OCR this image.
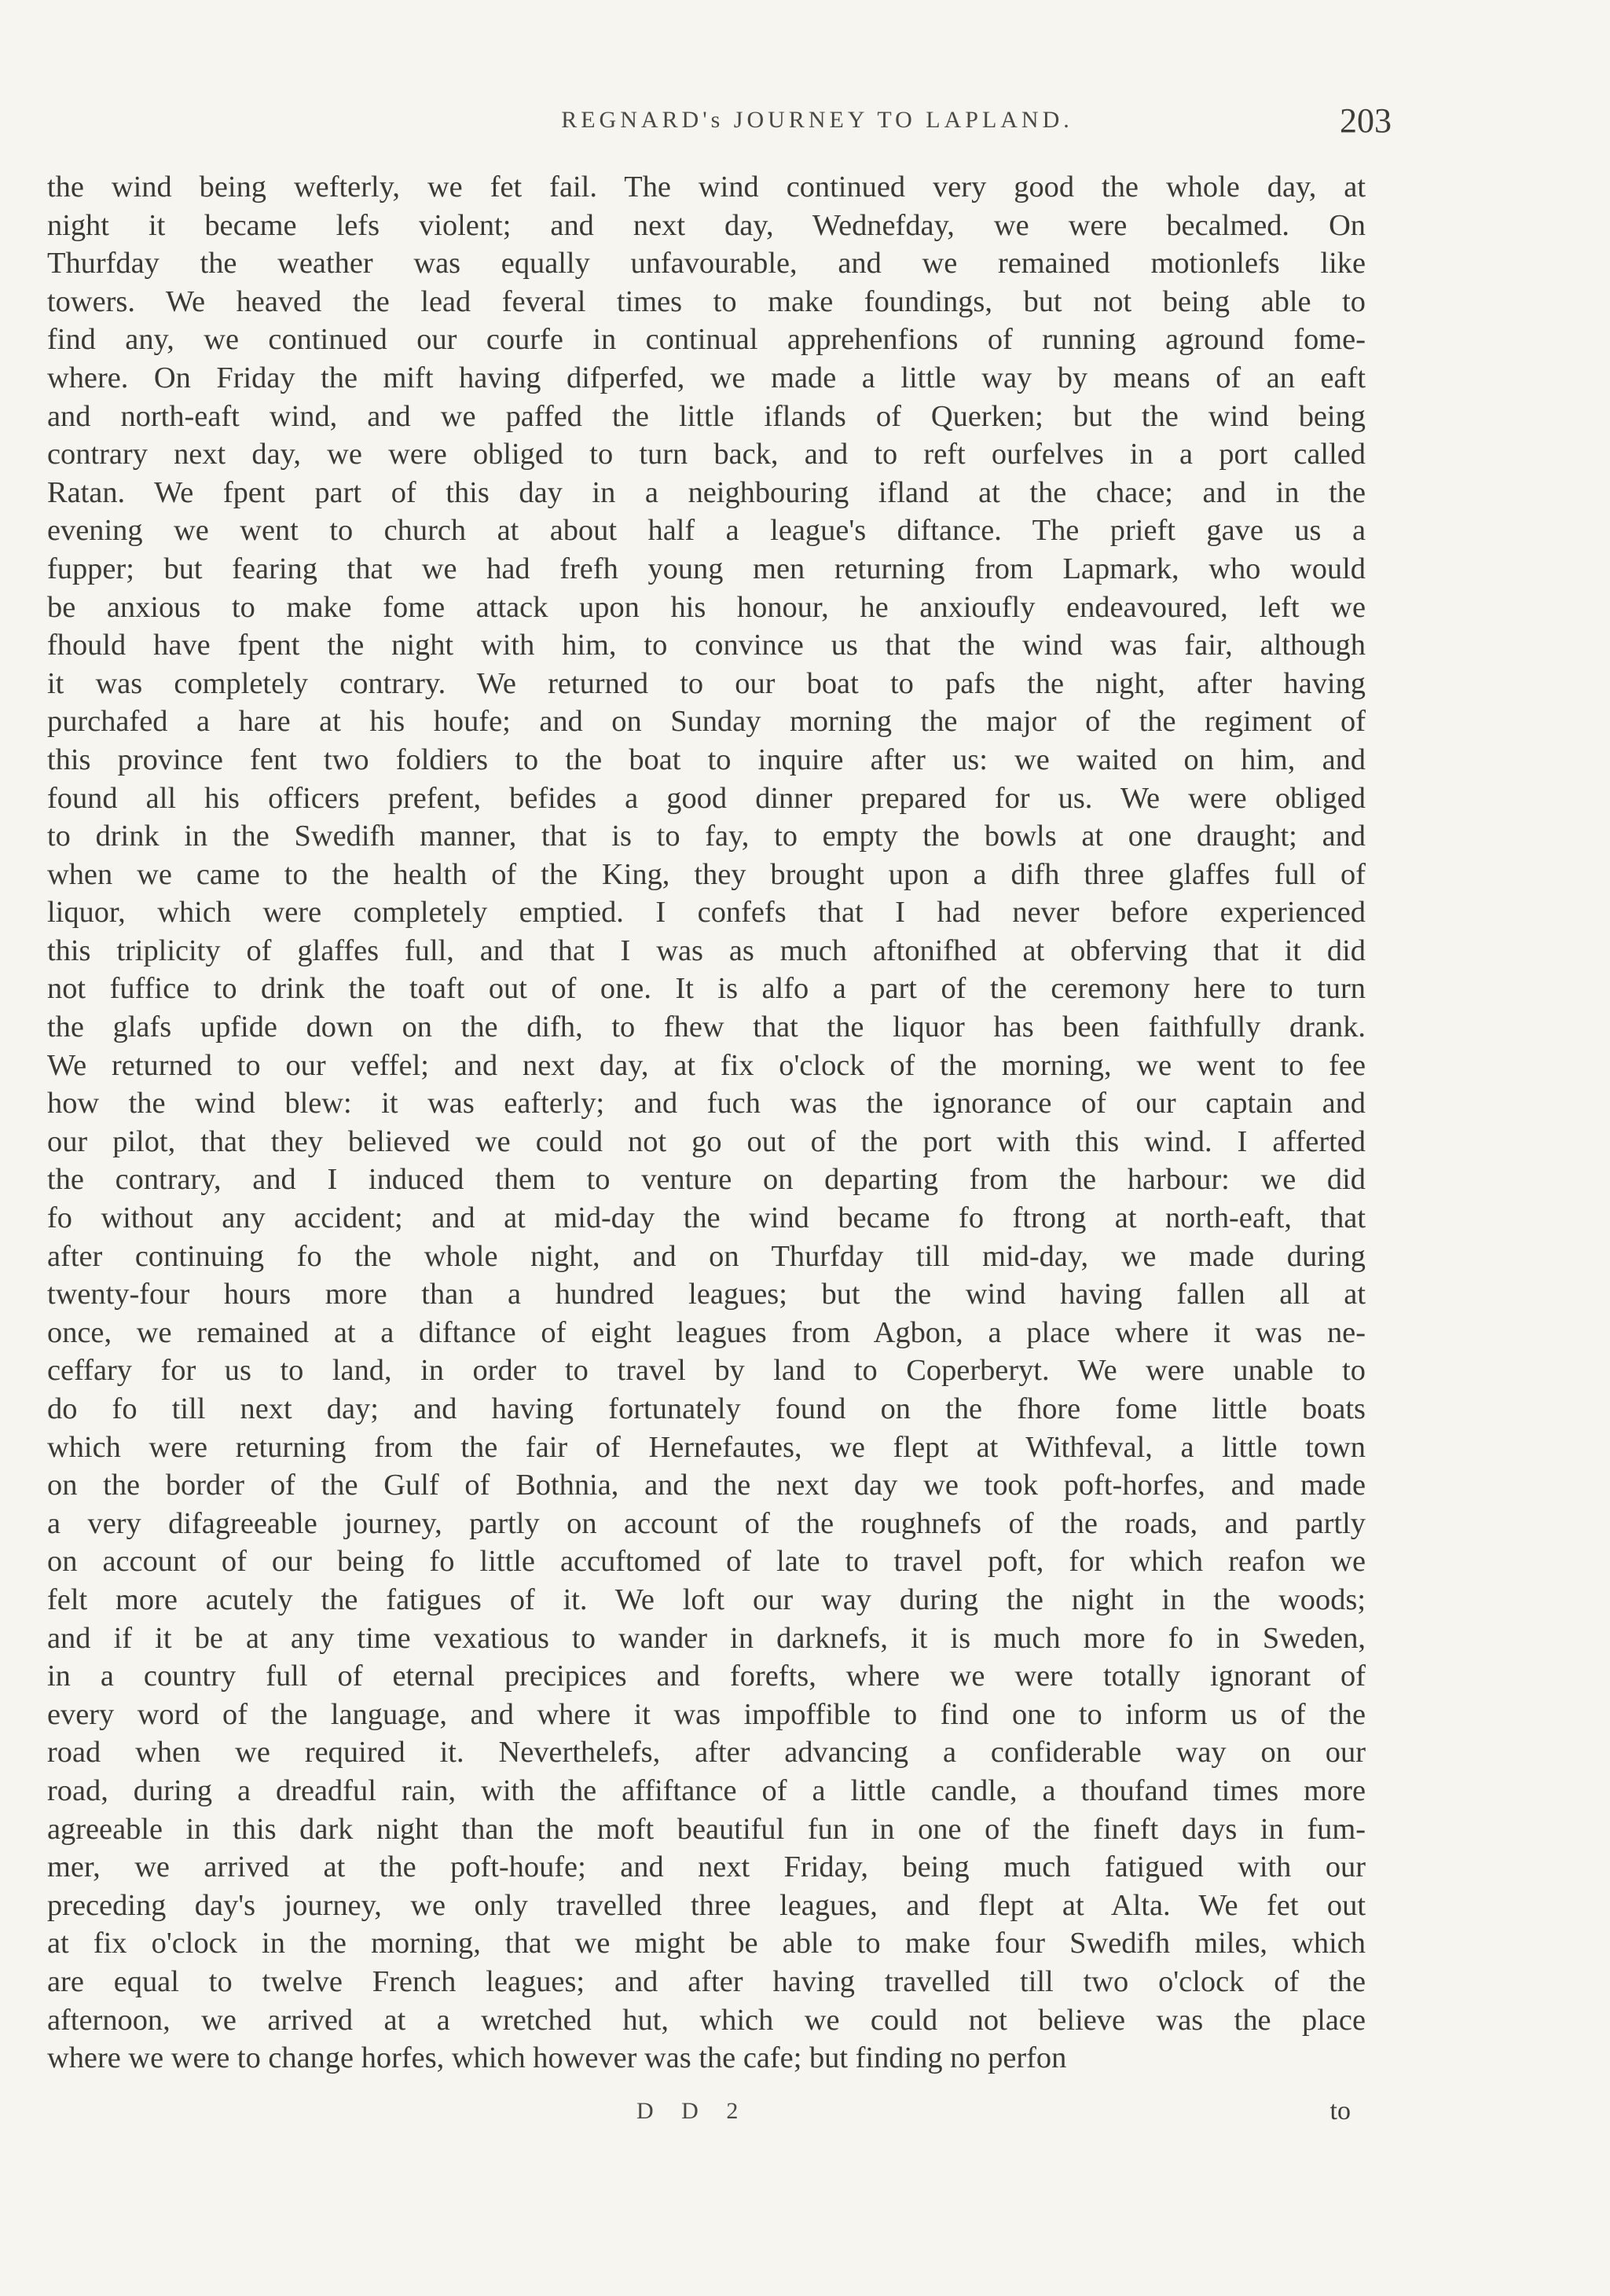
REGNARD's JOURNEY TO LAPLAND.	203
the wind being wefterly, we fet fail. The wind continued very good the whole day, at
night it became lefs violent; and next day, Wednefday, we were becalmed. On
Thurfday the weather was equally unfavourable, and we remained motionlefs like
towers. We heaved the lead feveral times to make foundings, but not being able to
find any, we continued our courfe in continual apprehenfions of running aground fome-
where. On Friday the mift having difperfed, we made a little way by means of an eaft
and north-eaft wind, and we paffed the little iflands of Querken; but the wind being
contrary next day, we were obliged to turn back, and to reft ourfelves in a port called
Ratan. We fpent part of this day in a neighbouring ifland at the chace; and in the
evening we went to church at about half a league's diftance. The prieft gave us a
fupper; but fearing that we had frefh young men returning from Lapmark, who would
be anxious to make fome attack upon his honour, he anxioufly endeavoured, left we
fhould have fpent the night with him, to convince us that the wind was fair, although
it was completely contrary. We returned to our boat to pafs the night, after having
purchafed a hare at his houfe; and on Sunday morning the major of the regiment of
this province fent two foldiers to the boat to inquire after us: we waited on him, and
found all his officers prefent, befides a good dinner prepared for us. We were obliged
to drink in the Swedifh manner, that is to fay, to empty the bowls at one draught; and
when we came to the health of the King, they brought upon a difh three glaffes full of
liquor, which were completely emptied. I confefs that I had never before experienced
this triplicity of glaffes full, and that I was as much aftonifhed at obferving that it did
not fuffice to drink the toaft out of one. It is alfo a part of the ceremony here to turn
the glafs upfide down on the difh, to fhew that the liquor has been faithfully drank.
We returned to our veffel; and next day, at fix o'clock of the morning, we went to fee
how the wind blew: it was eafterly; and fuch was the ignorance of our captain and
our pilot, that they believed we could not go out of the port with this wind. I afferted
the contrary, and I induced them to venture on departing from the harbour: we did
fo without any accident; and at mid-day the wind became fo ftrong at north-eaft, that
after continuing fo the whole night, and on Thurfday till mid-day, we made during
twenty-four hours more than a hundred leagues; but the wind having fallen all at
once, we remained at a diftance of eight leagues from Agbon, a place where it was ne-
ceffary for us to land, in order to travel by land to Coperberyt. We were unable to
do fo till next day; and having fortunately found on the fhore fome little boats
which were returning from the fair of Hernefautes, we flept at Withfeval, a little town
on the border of the Gulf of Bothnia, and the next day we took poft-horfes, and made
a very difagreeable journey, partly on account of the roughnefs of the roads, and partly
on account of our being fo little accuftomed of late to travel poft, for which reafon we
felt more acutely the fatigues of it. We loft our way during the night in the woods;
and if it be at any time vexatious to wander in darknefs, it is much more fo in Sweden,
in a country full of eternal precipices and forefts, where we were totally ignorant of
every word of the language, and where it was impoffible to find one to inform us of the
road when we required it. Neverthelefs, after advancing a confiderable way on our
road, during a dreadful rain, with the affiftance of a little candle, a thoufand times more
agreeable in this dark night than the moft beautiful fun in one of the fineft days in fum-
mer, we arrived at the poft-houfe; and next Friday, being much fatigued with our
preceding day's journey, we only travelled three leagues, and flept at Alta. We fet out
at fix o'clock in the morning, that we might be able to make four Swedifh miles, which
are equal to twelve French leagues; and after having travelled till two o'clock of the
afternoon, we arrived at a wretched hut, which we could not believe was the place
where we were to change horfes, which however was the cafe; but finding no perfon
D D 2	to
